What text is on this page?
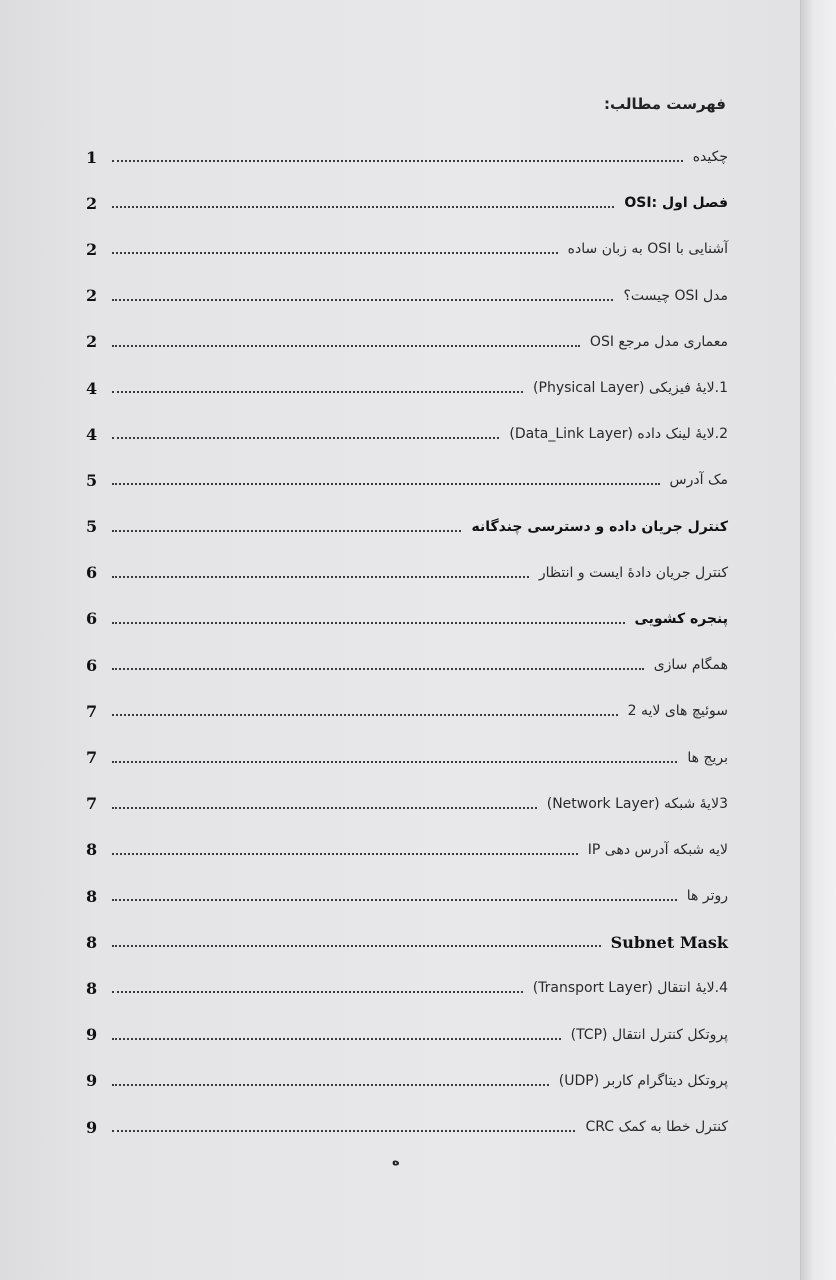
فهرست مطالب:
چکیده
1
فصل اول :OSI
2
آشنایی با OSI به زبان ساده
2
مدل OSI چیست؟
2
معماری مدل مرجع OSI
2
1.لایهٔ فیزیکی (Physical Layer)
4
2.لایهٔ لینک داده (Data_Link Layer)
4
مک آدرس
5
کنترل جریان داده و دسترسی چندگانه
5
کنترل جریان دادهٔ ایست و انتظار
6
پنجره کشویی
6
همگام سازی
6
سوئیچ های لایه 2
7
بریج ها
7
3لایهٔ شبکه (Network Layer)
7
لایه شبکه آدرس دهی IP
8
روتر ها
8
Subnet Mask
8
4.لایهٔ انتقال (Transport Layer)
8
پروتکل کنترل انتقال (TCP)
9
پروتکل دیتاگرام کاربر (UDP)
9
کنترل خطا به کمک CRC
9
ه
